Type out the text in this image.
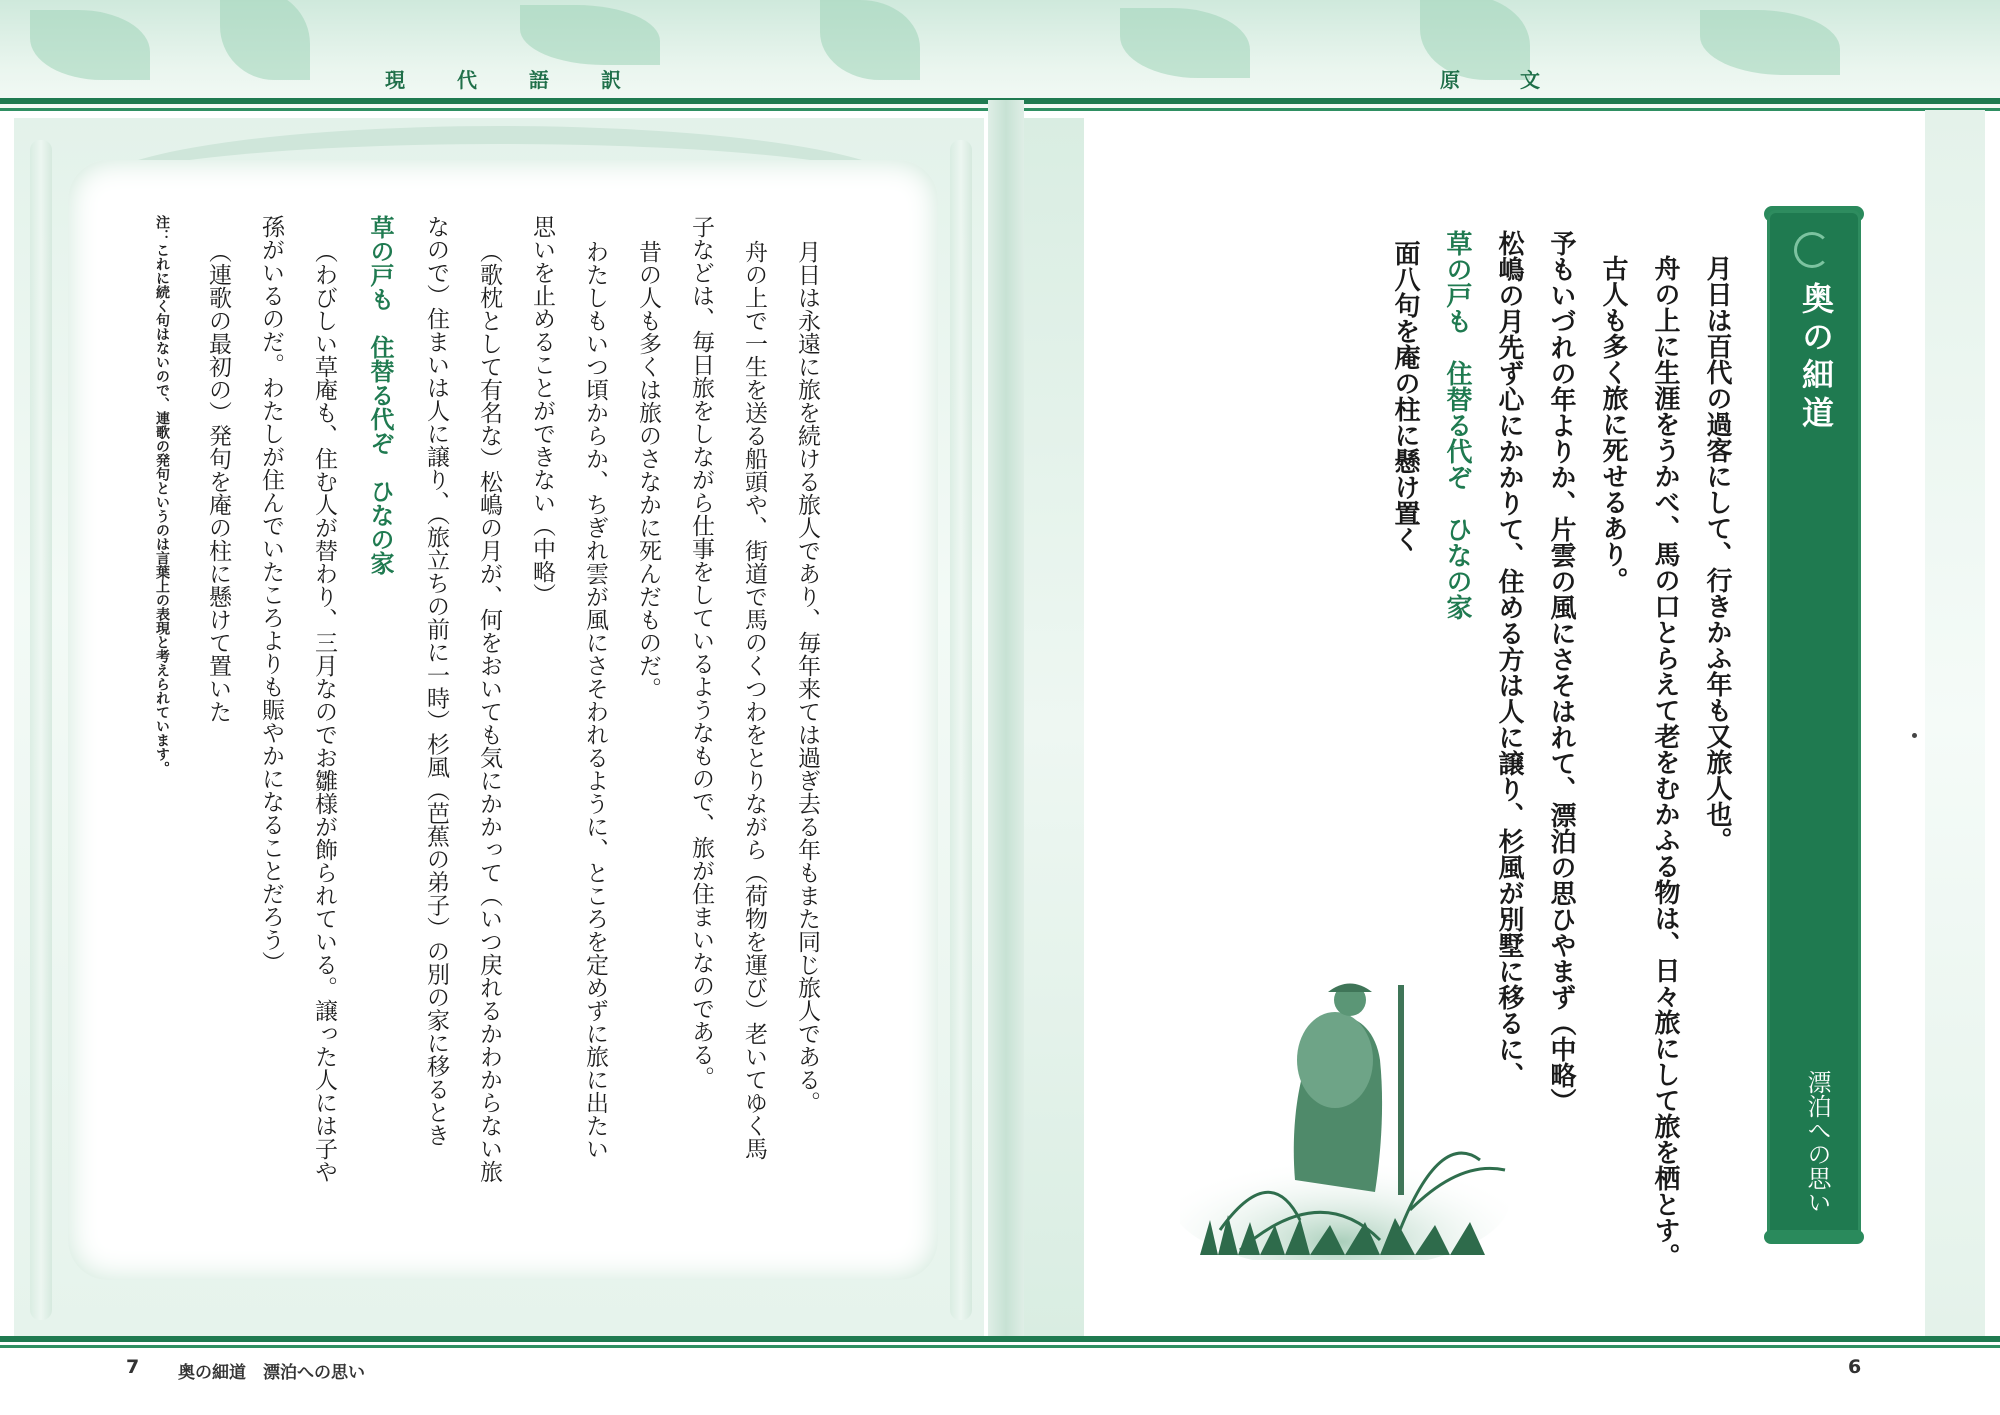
現代語訳	原文
月日は永遠に旅を続ける旅人であり、毎年来ては過ぎ去る年もまた同じ旅人である。
舟の上で一生を送る船頭や、街道で馬のくつわをとりながら（荷物を運び）老いてゆく馬
子などは、毎日旅をしながら仕事をしているようなもので、旅が住まいなのである。
昔の人も多くは旅のさなかに死んだものだ。
わたしもいつ頃からか、ちぎれ雲が風にさそわれるように、ところを定めずに旅に出たい
思いを止めることができない（中略）
（歌枕として有名な）松嶋の月が、何をおいても気にかかって（いつ戻れるかわからない旅
なので）住まいは人に譲り、（旅立ちの前に一時）杉風（芭蕉の弟子）の別の家に移るとき
草の戸も　住替る代ぞ　ひなの家
（わびしい草庵も、住む人が替わり、三月なのでお雛様が飾られている。譲った人には子や
孫がいるのだ。わたしが住んでいたころよりも賑やかになることだろう）
（連歌の最初の）発句を庵の柱に懸けて置いた
注：これに続く句はないので、連歌の発句というのは言葉上の表現と考えられています。	奥の細道
漂泊への思い
月日は百代の過客にして、行きかふ年も又旅人也。
舟の上に生涯をうかべ、馬の口とらえて老をむかふる物は、日々旅にして旅を栖とす。
古人も多く旅に死せるあり。
予もいづれの年よりか、片雲の風にさそはれて、漂泊の思ひやまず（中略）
松嶋の月先ず心にかかりて、住める方は人に譲り、杉風が別墅に移るに、
草の戸も　住替る代ぞ　ひなの家
面八句を庵の柱に懸け置く
7 奥の細道　漂泊への思い	6
